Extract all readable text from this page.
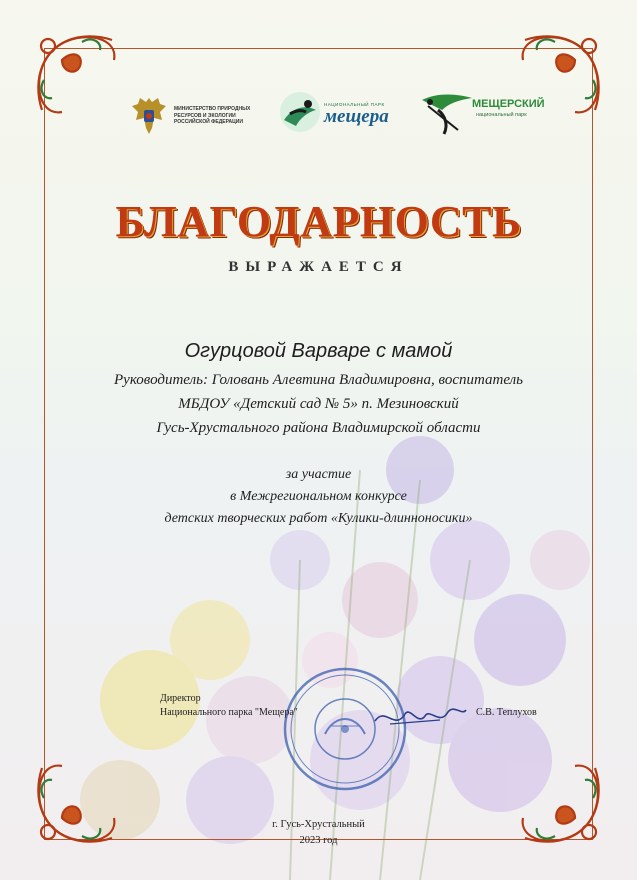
МИНИСТЕРСТВО ПРИРОДНЫХ РЕСУРСОВ И ЭКОЛОГИИ РОССИЙСКОЙ ФЕДЕРАЦИИ
НАЦИОНАЛЬНЫЙ ПАРК
мещера
МЕЩЕРСКИЙ
национальный парк
БЛАГОДАРНОСТЬ
ВЫРАЖАЕТСЯ
Огурцовой Варваре с мамой
Руководитель: Головань Алевтина Владимировна, воспитатель
МБДОУ «Детский сад № 5» п. Мезиновский
Гусь-Хрустального района Владимирской области
за участие
в Межрегиональном конкурсе
детских творческих работ «Кулики-длинноносики»
Директор
Национального парка "Мещера"	С.В. Теплухов
г. Гусь-Хрустальный
2023 год
